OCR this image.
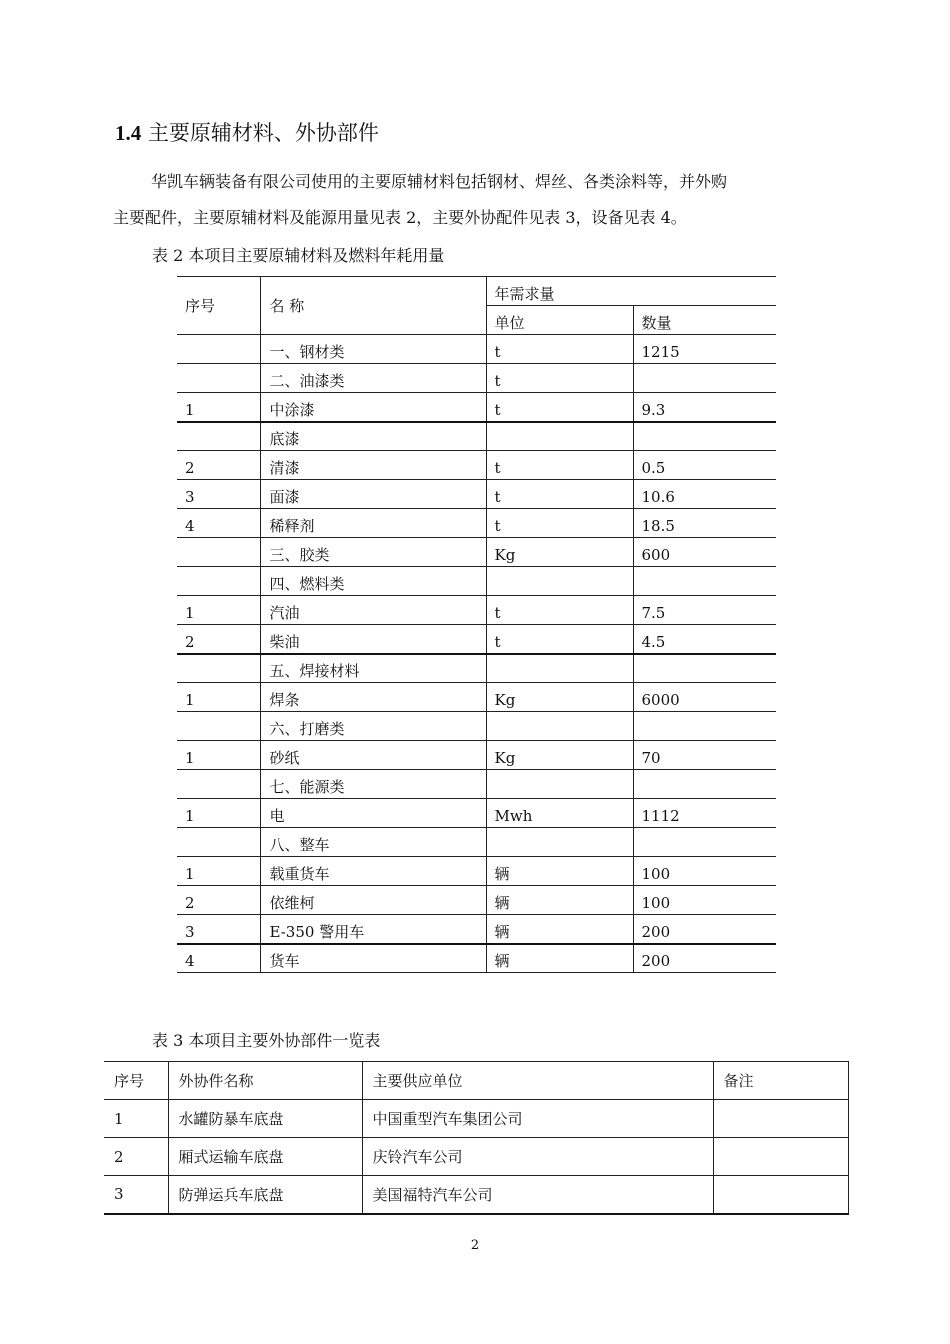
1.4 主要原辅材料、外协部件
华凯车辆装备有限公司使用的主要原辅材料包括钢材、焊丝、各类涂料等，并外购
主要配件，主要原辅材料及能源用量见表 2，主要外协配件见表 3，设备见表 4。
表 2 本项目主要原辅材料及燃料年耗用量
序号	名 称	年需求量	
		单位	数量
	一、钢材类	t	1215
	二、油漆类	t	
1	中涂漆	t	9.3
	底漆		
2	清漆	t	0.5
3	面漆	t	10.6
4	稀释剂	t	18.5
	三、胶类	Kg	600
	四、燃料类		
1	汽油	t	7.5
2	柴油	t	4.5
	五、焊接材料		
1	焊条	Kg	6000
	六、打磨类		
1	砂纸	Kg	70
	七、能源类		
1	电	Mwh	1112
	八、整车		
1	载重货车	辆	100
2	依维柯	辆	100
3	E-350 警用车	辆	200
4	货车	辆	200
表 3 本项目主要外协部件一览表
序号	外协件名称	主要供应单位	备注
1	水罐防暴车底盘	中国重型汽车集团公司	
2	厢式运输车底盘	庆铃汽车公司	
3	防弹运兵车底盘	美国福特汽车公司	
2
